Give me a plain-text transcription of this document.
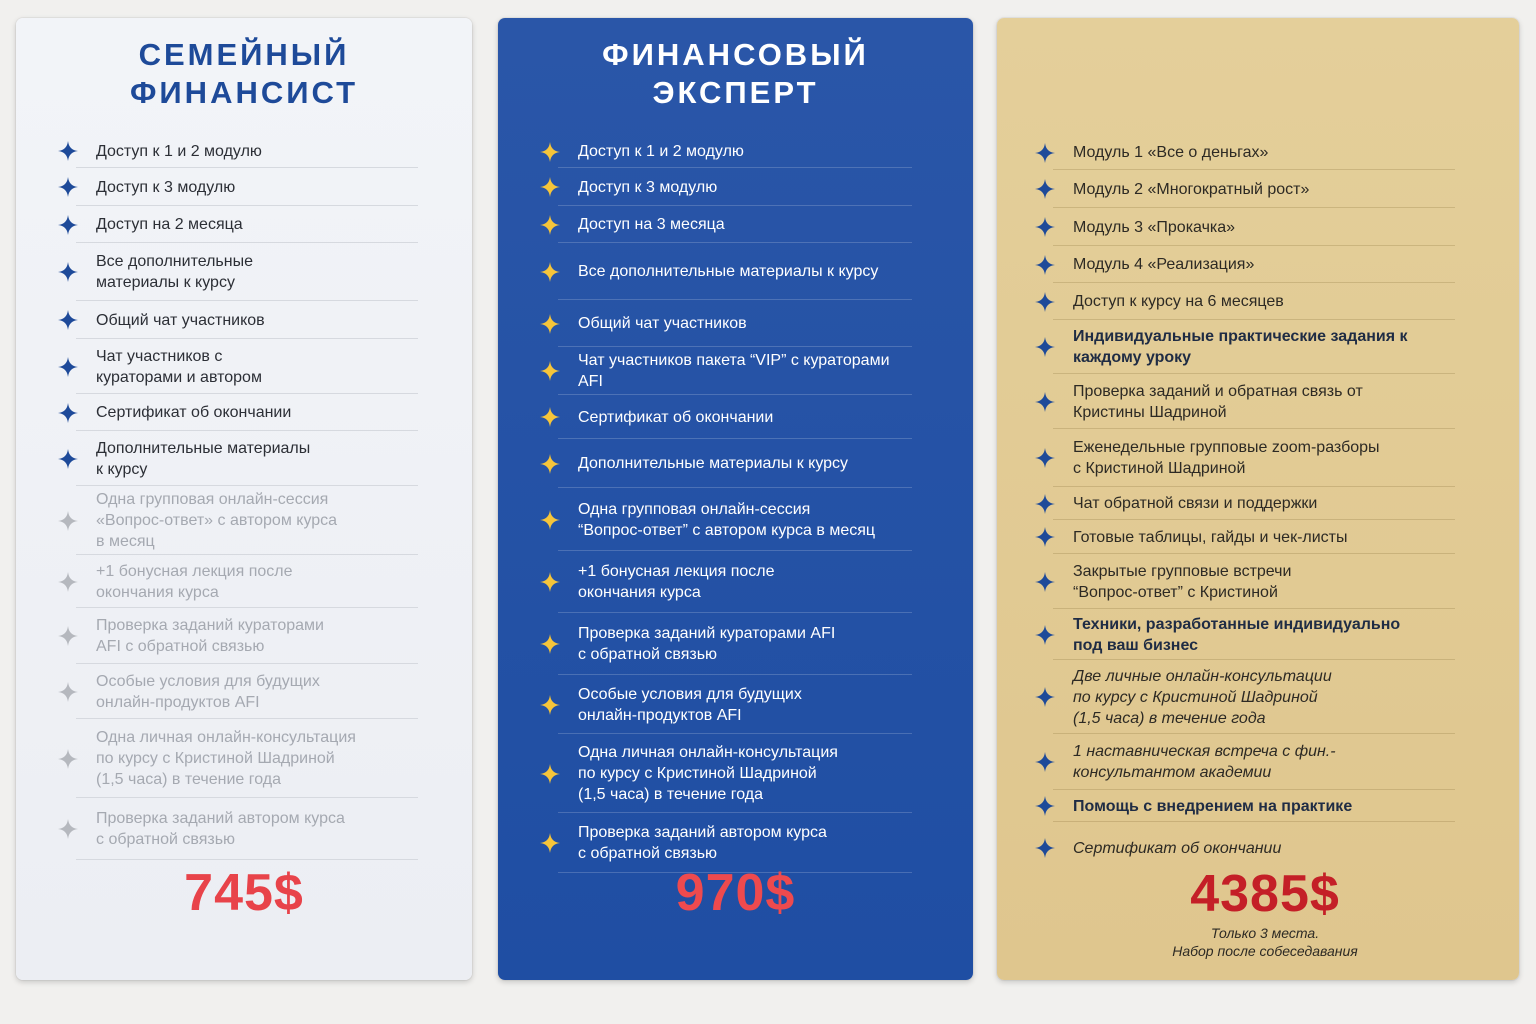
СЕМЕЙНЫЙ
ФИНАНСИСТ
Доступ к 1 и 2 модулю
Доступ к 3 модулю
Доступ на 2 месяца
Все дополнительные
материалы к курсу
Общий чат участников
Чат участников с
кураторами и автором
Сертификат об окончании
Дополнительные материалы
к курсу
Одна групповая онлайн-сессия
«Вопрос-ответ» с автором курса
в месяц
+1 бонусная лекция после
окончания курса
Проверка заданий кураторами
AFI с обратной связью
Особые условия для будущих
онлайн-продуктов AFI
Одна личная онлайн-консультация
по курсу с Кристиной Шадриной
(1,5 часа) в течение года
Проверка заданий автором курса
с обратной связью
745$
ФИНАНСОВЫЙ
ЭКСПЕРТ
Доступ к 1 и 2 модулю
Доступ к 3 модулю
Доступ на 3 месяца
Все дополнительные материалы к курсу
Общий чат участников
Чат участников пакета “VIP” с кураторами AFI
Сертификат об окончании
Дополнительные материалы к курсу
Одна групповая онлайн-сессия
“Вопрос-ответ” с автором курса в месяц
+1 бонусная лекция после
окончания курса
Проверка заданий кураторами AFI
с обратной связью
Особые условия для будущих
онлайн-продуктов AFI
Одна личная онлайн-консультация
по курсу с Кристиной Шадриной
(1,5 часа) в течение года
Проверка заданий автором курса
с обратной связью
970$
Модуль 1 «Все о деньгах»
Модуль 2 «Многократный рост»
Модуль 3 «Прокачка»
Модуль 4 «Реализация»
Доступ к курсу на 6 месяцев
Индивидуальные практические задания к
каждому уроку
Проверка заданий и обратная связь от
Кристины Шадриной
Еженедельные групповые zoom-разборы
с Кристиной Шадриной
Чат обратной связи и поддержки
Готовые таблицы, гайды и чек-листы
Закрытые групповые встречи
“Вопрос-ответ” с Кристиной
Техники, разработанные индивидуально
под ваш бизнес
Две личные онлайн-консультации
по курсу с Кристиной Шадриной
(1,5 часа) в течение года
1 наставническая встреча с фин.-
консультантом академии
Помощь с внедрением на практике
Сертификат об окончании
4385$
Только 3 места.
Набор после собеседавания
